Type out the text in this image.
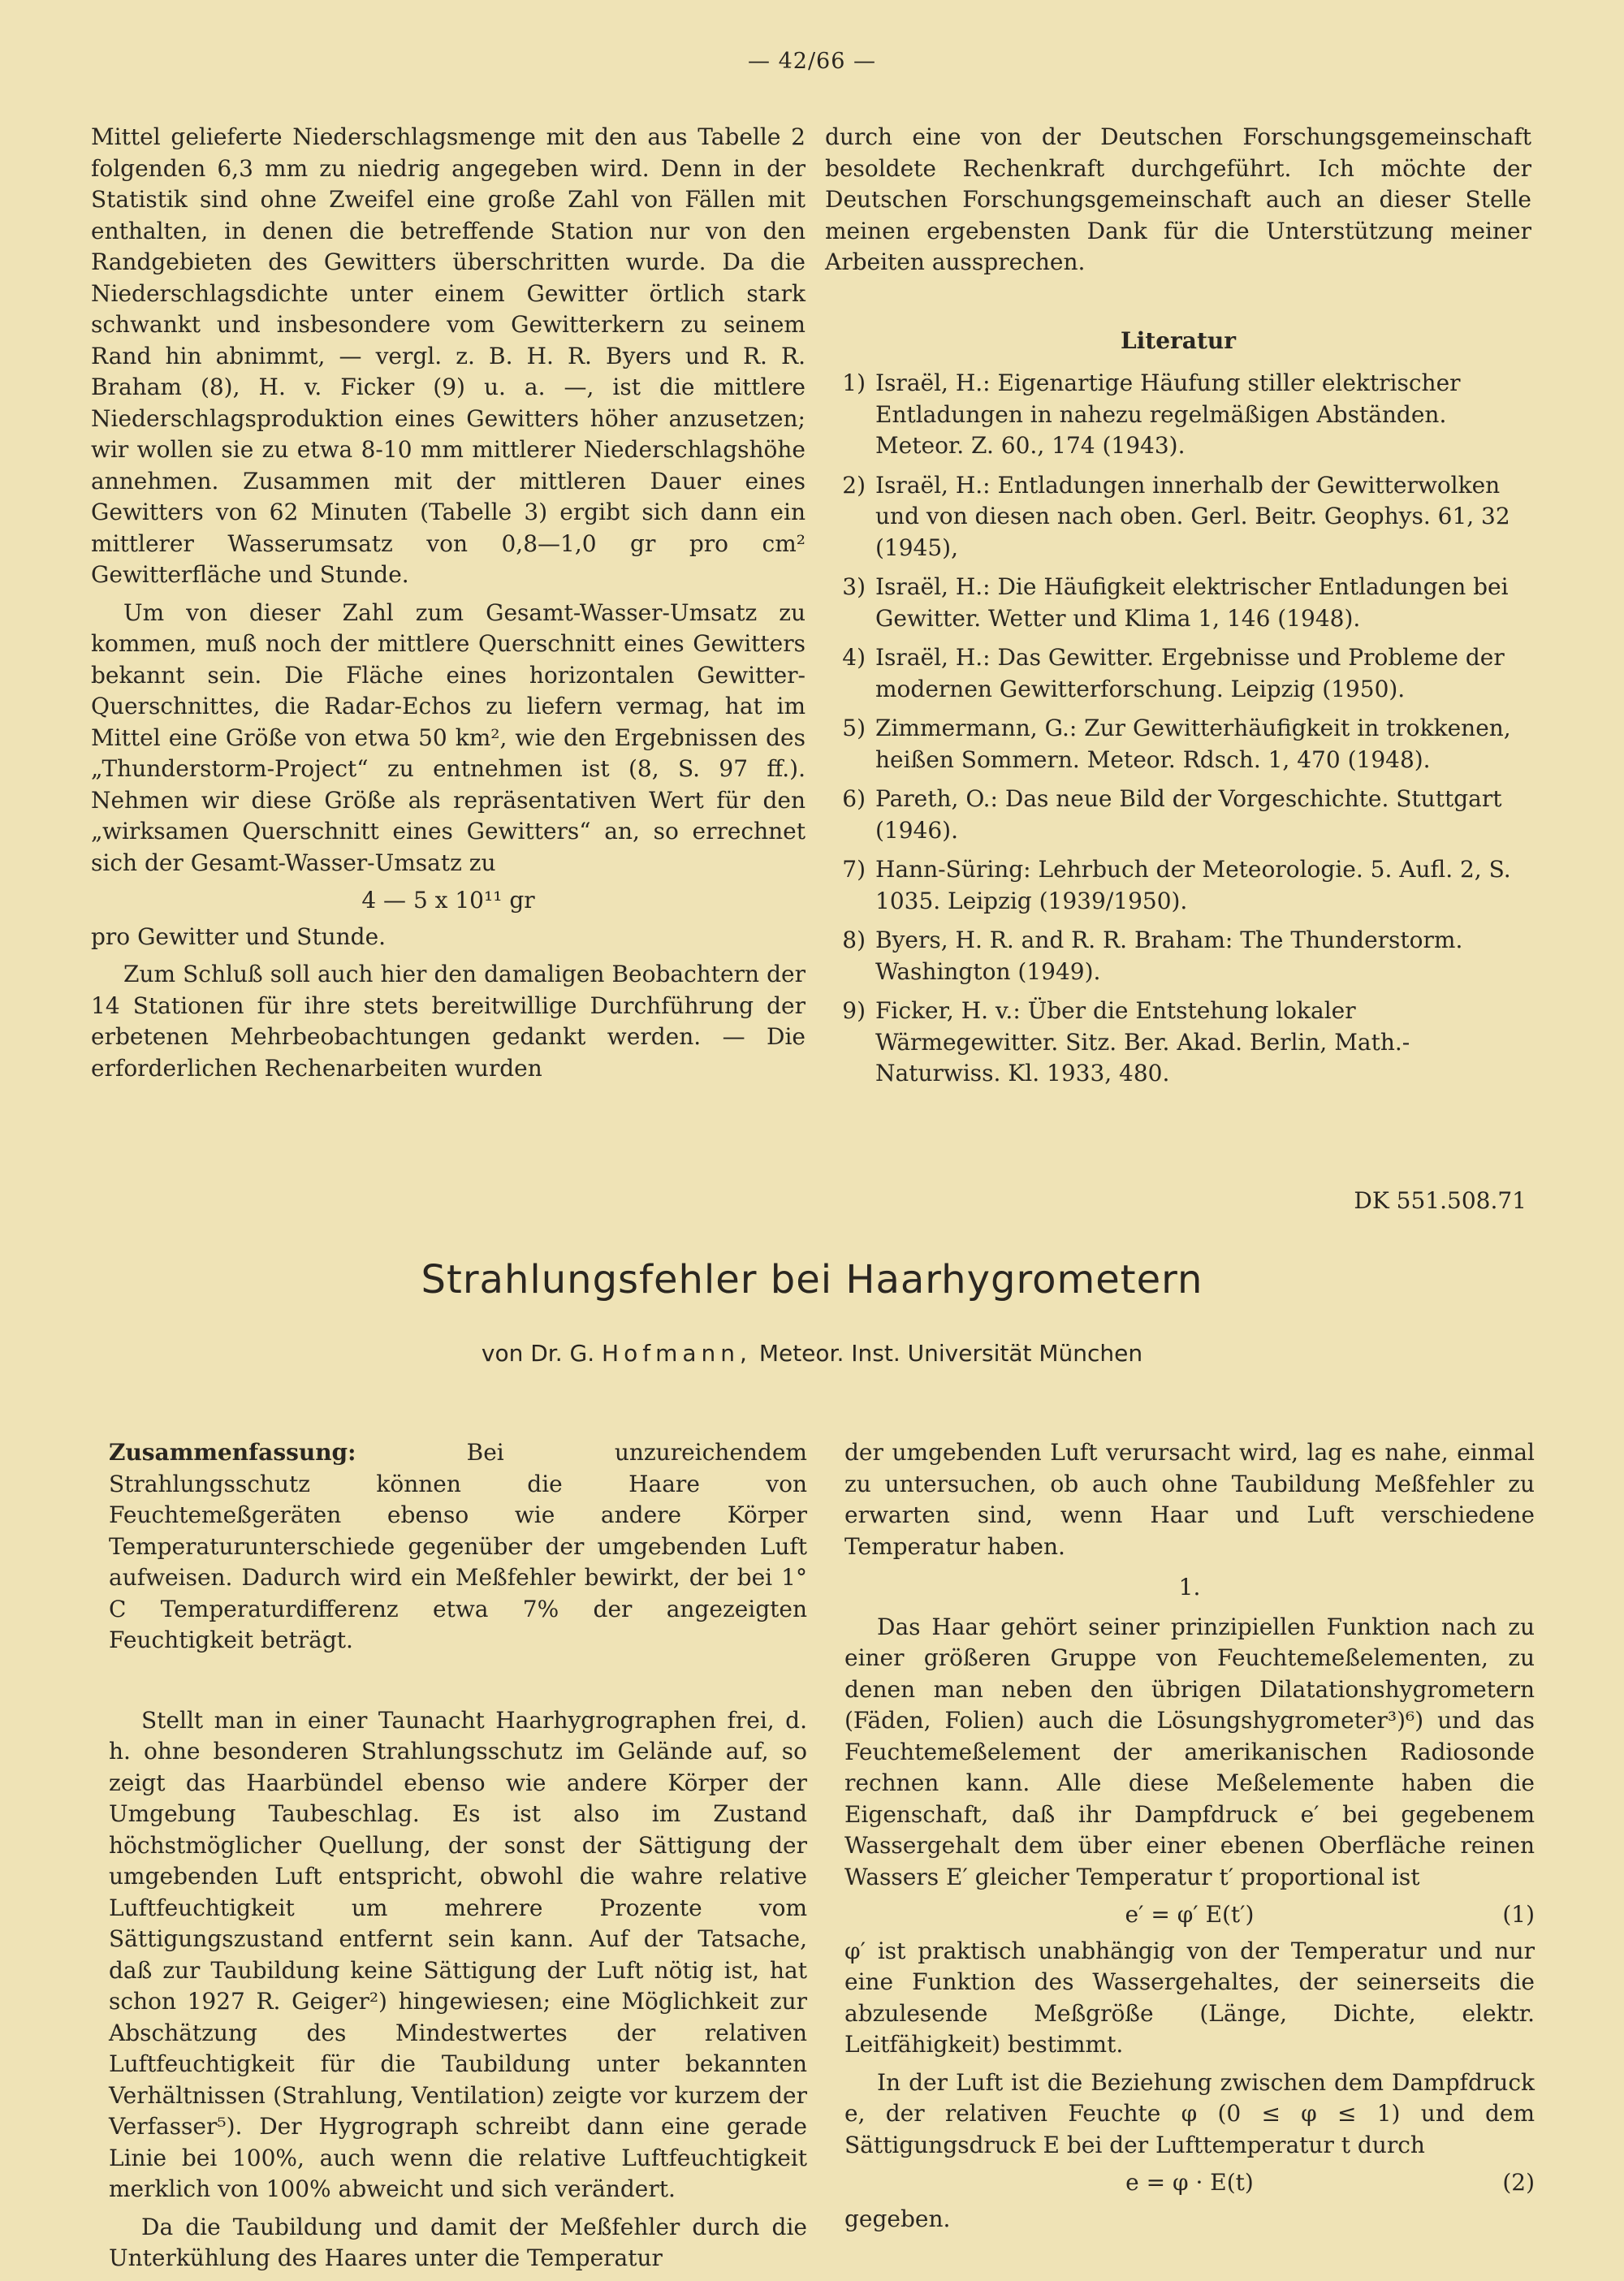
— 42/66 —

Mittel gelieferte Niederschlagsmenge mit den aus Tabelle 2 folgenden 6,3 mm zu niedrig angegeben wird. Denn in der Statistik sind ohne Zweifel eine große Zahl von Fällen mit enthalten, in denen die betreffende Station nur von den Randgebieten des Gewitters überschritten wurde. Da die Niederschlagsdichte unter einem Gewitter örtlich stark schwankt und insbesondere vom Gewitterkern zu seinem Rand hin abnimmt, — vergl. z. B. H. R. Byers und R. R. Braham (8), H. v. Ficker (9) u. a. —, ist die mittlere Niederschlagsproduktion eines Gewitters höher anzusetzen; wir wollen sie zu etwa 8-10 mm mittlerer Niederschlagshöhe annehmen. Zusammen mit der mittleren Dauer eines Gewitters von 62 Minuten (Tabelle 3) ergibt sich dann ein mittlerer Wasserumsatz von 0,8—1,0 gr pro cm² Gewitterfläche und Stunde.

Um von dieser Zahl zum Gesamt-Wasser-Umsatz zu kommen, muß noch der mittlere Querschnitt eines Gewitters bekannt sein. Die Fläche eines horizontalen Gewitter-Querschnittes, die Radar-Echos zu liefern vermag, hat im Mittel eine Größe von etwa 50 km², wie den Ergebnissen des „Thunderstorm-Project“ zu entnehmen ist (8, S. 97 ff.). Nehmen wir diese Größe als repräsentativen Wert für den „wirksamen Querschnitt eines Gewitters“ an, so errechnet sich der Gesamt-Wasser-Umsatz zu

4 — 5 x 10¹¹ gr

pro Gewitter und Stunde.

Zum Schluß soll auch hier den damaligen Beobachtern der 14 Stationen für ihre stets bereitwillige Durchführung der erbetenen Mehrbeobachtungen gedankt werden. — Die erforderlichen Rechenarbeiten wurden

durch eine von der Deutschen Forschungsgemeinschaft besoldete Rechenkraft durchgeführt. Ich möchte der Deutschen Forschungsgemeinschaft auch an dieser Stelle meinen ergebensten Dank für die Unterstützung meiner Arbeiten aussprechen.

Literatur
1) Israël, H.: Eigenartige Häufung stiller elektrischer Entladungen in nahezu regelmäßigen Abständen. Meteor. Z. 60., 174 (1943).
2) Israël, H.: Entladungen innerhalb der Gewitterwolken und von diesen nach oben. Gerl. Beitr. Geophys. 61, 32 (1945),
3) Israël, H.: Die Häufigkeit elektrischer Entladungen bei Gewitter. Wetter und Klima 1, 146 (1948).
4) Israël, H.: Das Gewitter. Ergebnisse und Probleme der modernen Gewitterforschung. Leipzig (1950).
5) Zimmermann, G.: Zur Gewitterhäufigkeit in trokkenen, heißen Sommern. Meteor. Rdsch. 1, 470 (1948).
6) Pareth, O.: Das neue Bild der Vorgeschichte. Stuttgart (1946).
7) Hann-Süring: Lehrbuch der Meteorologie. 5. Aufl. 2, S. 1035. Leipzig (1939/1950).
8) Byers, H. R. and R. R. Braham: The Thunderstorm. Washington (1949).
9) Ficker, H. v.: Über die Entstehung lokaler Wärmegewitter. Sitz. Ber. Akad. Berlin, Math.-Naturwiss. Kl. 1933, 480.
DK 551.508.71
Strahlungsfehler bei Haarhygrometern
von Dr. G. Hofmann, Meteor. Inst. Universität München

Zusammenfassung:	Bei unzureichendem Strahlungsschutz können die Haare von Feuchtemeßgeräten ebenso wie andere Körper Temperaturunterschiede gegenüber der umgebenden Luft aufweisen. Dadurch wird ein Meßfehler bewirkt, der bei 1° C Temperaturdifferenz etwa 7% der angezeigten Feuchtigkeit beträgt.

Stellt man in einer Taunacht Haarhygrographen frei, d. h. ohne besonderen Strahlungsschutz im Gelände auf, so zeigt das Haarbündel ebenso wie andere Körper der Umgebung Taubeschlag. Es ist also im Zustand höchstmöglicher Quellung, der sonst der Sättigung der umgebenden Luft entspricht, obwohl die wahre relative Luftfeuchtigkeit um mehrere Prozente vom Sättigungszustand entfernt sein kann. Auf der Tatsache, daß zur Taubildung keine Sättigung der Luft nötig ist, hat schon 1927 R. Geiger²) hingewiesen; eine Möglichkeit zur Abschätzung des Mindestwertes der relativen Luftfeuchtigkeit für die Taubildung unter bekannten Verhältnissen (Strahlung, Ventilation) zeigte vor kurzem der Verfasser⁵). Der Hygrograph schreibt dann eine gerade Linie bei 100%, auch wenn die relative Luftfeuchtigkeit merklich von 100% abweicht und sich verändert.

Da die Taubildung und damit der Meßfehler durch die Unterkühlung des Haares unter die Temperatur

der umgebenden Luft verursacht wird, lag es nahe, einmal zu untersuchen, ob auch ohne Taubildung Meßfehler zu erwarten sind, wenn Haar und Luft verschiedene Temperatur haben.

1.

Das Haar gehört seiner prinzipiellen Funktion nach zu einer größeren Gruppe von Feuchtemeßelementen, zu denen man neben den übrigen Dilatationshygrometern (Fäden, Folien) auch die Lösungshygrometer³)⁶) und das Feuchtemeßelement der amerikanischen Radiosonde rechnen kann. Alle diese Meßelemente haben die Eigenschaft, daß ihr Dampfdruck e′ bei gegebenem Wassergehalt dem über einer ebenen Oberfläche reinen Wassers E′ gleicher Temperatur t′ proportional ist

e′ = φ′ E(t′)	(1)

φ′ ist praktisch unabhängig von der Temperatur und nur eine Funktion des Wassergehaltes, der seinerseits die abzulesende Meßgröße (Länge, Dichte, elektr. Leitfähigkeit) bestimmt.

In der Luft ist die Beziehung zwischen dem Dampfdruck e, der relativen Feuchte φ (0 ≤ φ ≤ 1) und dem Sättigungsdruck E bei der Lufttemperatur t durch

e = φ · E(t)	(2)

gegeben.
